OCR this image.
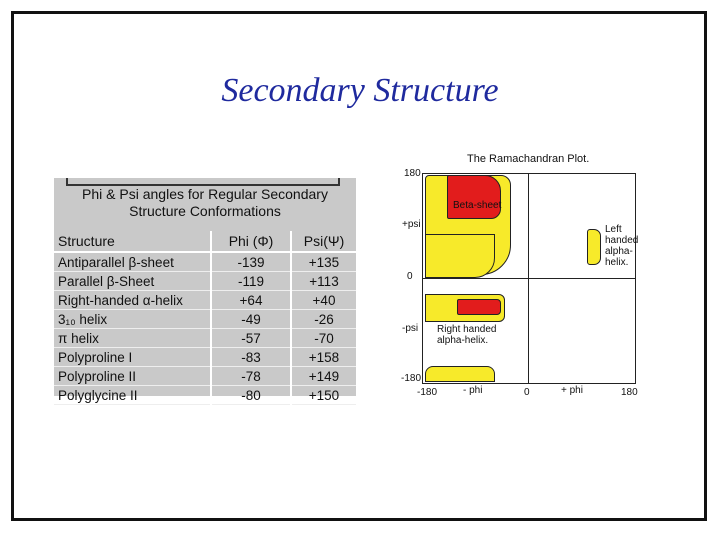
Secondary Structure
Phi & Psi angles for Regular Secondary
Structure Conformations
Structure	Phi (Φ)	Psi(Ψ)
Antiparallel β-sheet	-139	+135
Parallel β-Sheet	-119	+113
Right-handed α-helix	+64	+40
3₁₀ helix	-49	-26
π helix	-57	-70
Polyproline I	-83	+158
Polyproline II	-78	+149
Polyglycine II	-80	+150
The Ramachandran Plot.
180
+psi
0
-psi
-180
-180	- phi	0	+ phi	180
Beta-sheet
Left
handed
alpha-helix.
Right handed
alpha-helix.
